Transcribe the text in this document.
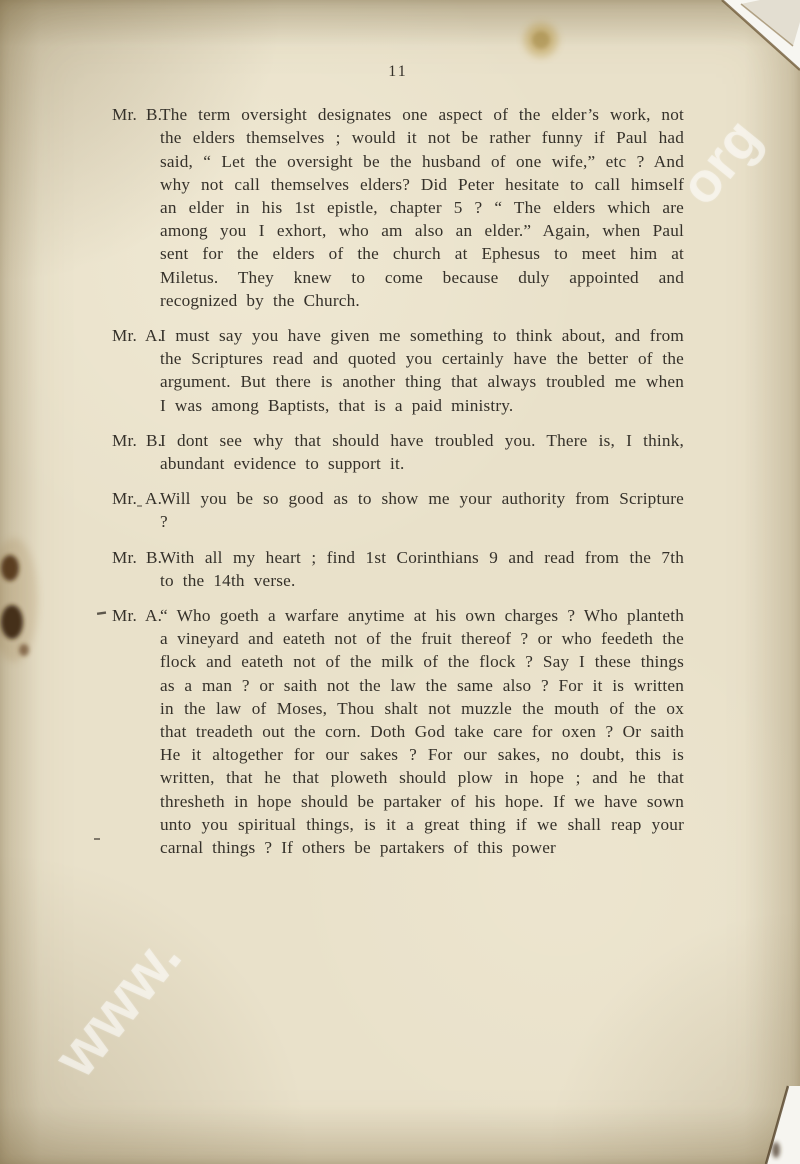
11

Mr. B.The term oversight designates one aspect of the elder’s work, not the elders themselves ; would it not be rather funny if Paul had said, “ Let the oversight be the husband of one wife,” etc ? And why not call themselves elders? Did Peter hesitate to call himself an elder in his 1st epistle, chapter 5 ? “ The elders which are among you I exhort, who am also an elder.” Again, when Paul sent for the elders of the church at Ephesus to meet him at Miletus. They knew to come because duly appointed and recognized by the Church.

Mr. A.I must say you have given me something to think about, and from the Scriptures read and quoted you certainly have the better of the argument. But there is another thing that always troubled me when I was among Baptists, that is a paid ministry.

Mr. B.I dont see why that should have troubled you. There is, I think, abundant evidence to support it.

Mr. A.Will you be so good as to show me your authority from Scripture ?

Mr. B.With all my heart ; find 1st Corinthians 9 and read from the 7th to the 14th verse.

Mr. A.“ Who goeth a warfare anytime at his own charges ? Who planteth a vineyard and eateth not of the fruit thereof ? or who feedeth the flock and eateth not of the milk of the flock ? Say I these things as a man ? or saith not the law the same also ? For it is written in the law of Moses, Thou shalt not muzzle the mouth of the ox that treadeth out the corn. Doth God take care for oxen ? Or saith He it altogether for our sakes ? For our sakes, no doubt, this is written, that he that ploweth should plow in hope ; and he that thresheth in hope should be partaker of his hope. If we have sown unto you spiritual things, is it a great thing if we shall reap your carnal things ? If others be partakers of this power

www.
org
